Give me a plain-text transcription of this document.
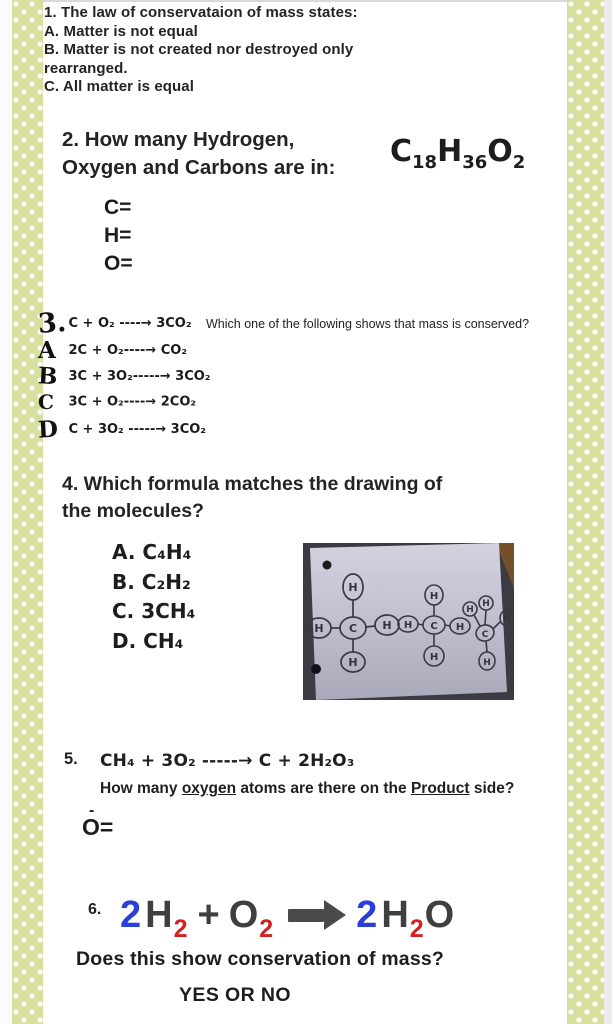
1. The law of conservataion of mass states:
A. Matter is not equal
B. Matter is not created nor destroyed only
rearranged.
C. All matter is equal
2. How many Hydrogen,
Oxygen and Carbons are in: $C_{18}H_{36}O_2$
C=
H=
O=
3. C + O₂ ----→ 3CO₂ Which one of the following shows that mass is conserved?
A 2C + O₂----→ CO₂
B 3C + 3O₂-----→ 3CO₂
C 3C + O₂----→ 2CO₂
D C + 3O₂ -----→ 3CO₂
4. Which formula matches the drawing of
the molecules?
A. C₄H₄
B. C₂H₂
C. 3CH₄
D. CH₄
H
C
H	H
H
H
C
H	H
H
H
H
H
H
C
5. CH₄ + 3O₂ -----→ C + 2H₂O₃
How many oxygen atoms are there on the Product side?
-
O=
6. 2 H 2 + O 2 2 H 2 O
Does this show conservation of mass?
YES OR NO
